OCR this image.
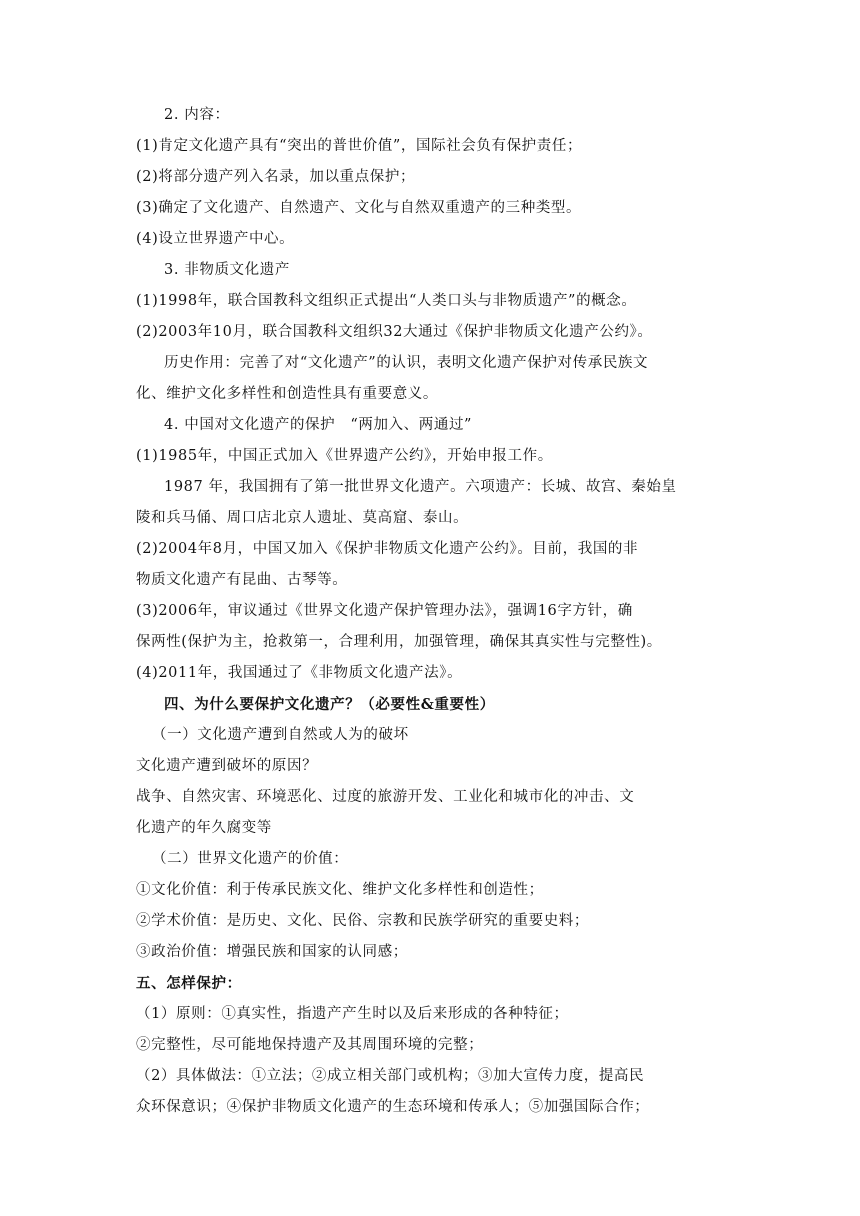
2. 内容：
(1)肯定文化遗产具有“突出的普世价值”，国际社会负有保护责任；
(2)将部分遗产列入名录，加以重点保护；
(3)确定了文化遗产、自然遗产、文化与自然双重遗产的三种类型。
(4)设立世界遗产中心。
3. 非物质文化遗产
(1)1998年，联合国教科文组织正式提出“人类口头与非物质遗产”的概念。
(2)2003年10月，联合国教科文组织32大通过《保护非物质文化遗产公约》。
历史作用：完善了对“文化遗产”的认识，表明文化遗产保护对传承民族文
化、维护文化多样性和创造性具有重要意义。
4. 中国对文化遗产的保护　“两加入、两通过”
(1)1985年，中国正式加入《世界遗产公约》，开始申报工作。
1987 年，我国拥有了第一批世界文化遗产。六项遗产：长城、故宫、秦始皇
陵和兵马俑、周口店北京人遗址、莫高窟、泰山。
(2)2004年8月，中国又加入《保护非物质文化遗产公约》。目前，我国的非
物质文化遗产有昆曲、古琴等。
(3)2006年，审议通过《世界文化遗产保护管理办法》，强调16字方针，确
保两性(保护为主，抢救第一，合理利用，加强管理，确保其真实性与完整性)。
(4)2011年，我国通过了《非物质文化遗产法》。
四、为什么要保护文化遗产？（必要性&重要性）
（一）文化遗产遭到自然或人为的破坏
文化遗产遭到破坏的原因？
战争、自然灾害、环境恶化、过度的旅游开发、工业化和城市化的冲击、文
化遗产的年久腐变等
（二）世界文化遗产的价值：
①文化价值：利于传承民族文化、维护文化多样性和创造性；
②学术价值：是历史、文化、民俗、宗教和民族学研究的重要史料；
③政治价值：增强民族和国家的认同感；
五、怎样保护：
（1）原则：①真实性，指遗产产生时以及后来形成的各种特征；
②完整性，尽可能地保持遗产及其周围环境的完整；
（2）具体做法：①立法；②成立相关部门或机构；③加大宣传力度，提高民
众环保意识；④保护非物质文化遗产的生态环境和传承人；⑤加强国际合作；
